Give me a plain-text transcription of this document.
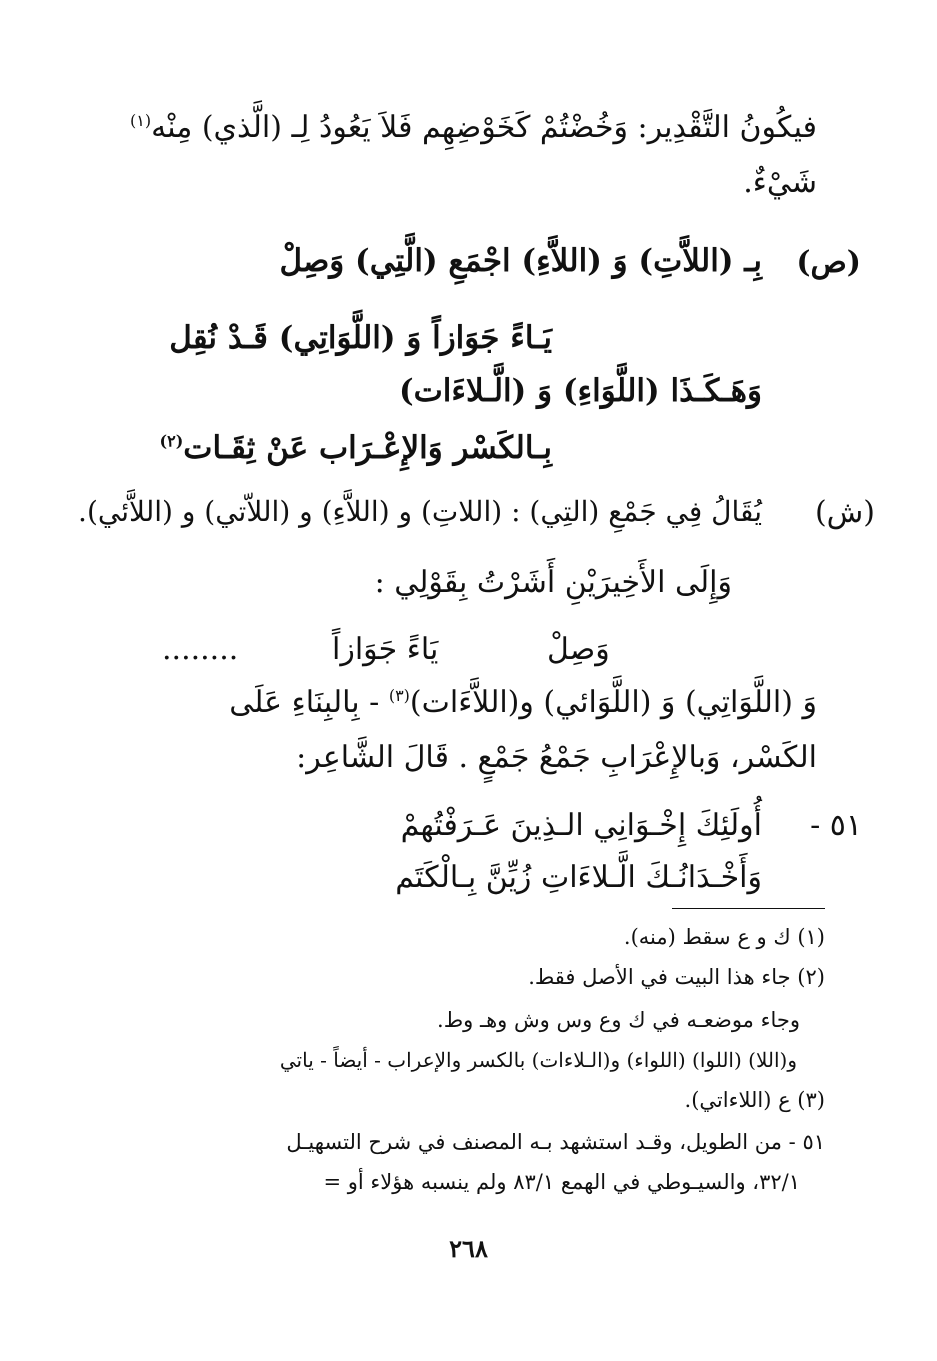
فيكُونُ التَّقْدِير: وَخُضْتُمْ كَخَوْضِهِم فَلاَ يَعُودُ لِـ (الَّذي) مِنْه$^{(١)}$
شَيْءٌ.
(ص)
بِـ (اللاَّتِ) وَ (اللاَّءِ) اجْمَعِ (الَّتِي) وَصِلْ
يَـاءً جَوَازاً وَ (اللَّوَاتِي) قَـدْ نُقِل
وَهَـكَـذَا (اللَّوَاءِ) وَ (الَّـلاءَات)
بِـالكَسْر وَالإِعْـرَاب عَنْ ثِقَـات$^{(٢)}$
(ش)
يُقَالُ فِي جَمْعِ (التِي) : (اللاتِ) و (اللاَّءِ) و (اللاّتي) و (اللاَّئي).
وَإِلَى الأَخِيرَيْنِ أَشَرْتُ بِقَوْلِي :
........	وَصِلْ
يَاءً جَوَازاً
وَ (اللَّوَاتِي) وَ (اللَّوَائي) و(اللاَّءَات)$^{(٣)}$ - بِالبِنَاءِ عَلَى
الكَسْر، وَبالإِعْرَابِ جَمْعُ جَمْعٍ . قَالَ الشَّاعِر:
٥١ -
أُولَئِكَ إِخْـوَانِي الـذِينَ عَـرَفْتُهمْ
وَأَخْـدَانُـكَ الَّـلاءَاتِ زُيِّنَّ بِـالْكَتَم
(١) ك و ع سقط (منه).
(٢) جاء هذا البيت في الأصل فقط.
وجاء موضعـه في ك وع وس وش وهـ وط.
و(اللا) (اللوا) (اللواء) و(الـلاءات) بالكسر والإعراب - أيضاً - ياتي
(٣) ع (اللاءاتي).
٥١ - من الطويل، وقـد استشهد بـه المصنف في شرح التسهيـل
٣٢/١، والسيـوطي في الهمع ٨٣/١ ولم ينسبه هؤلاء أو =
٢٦٨
